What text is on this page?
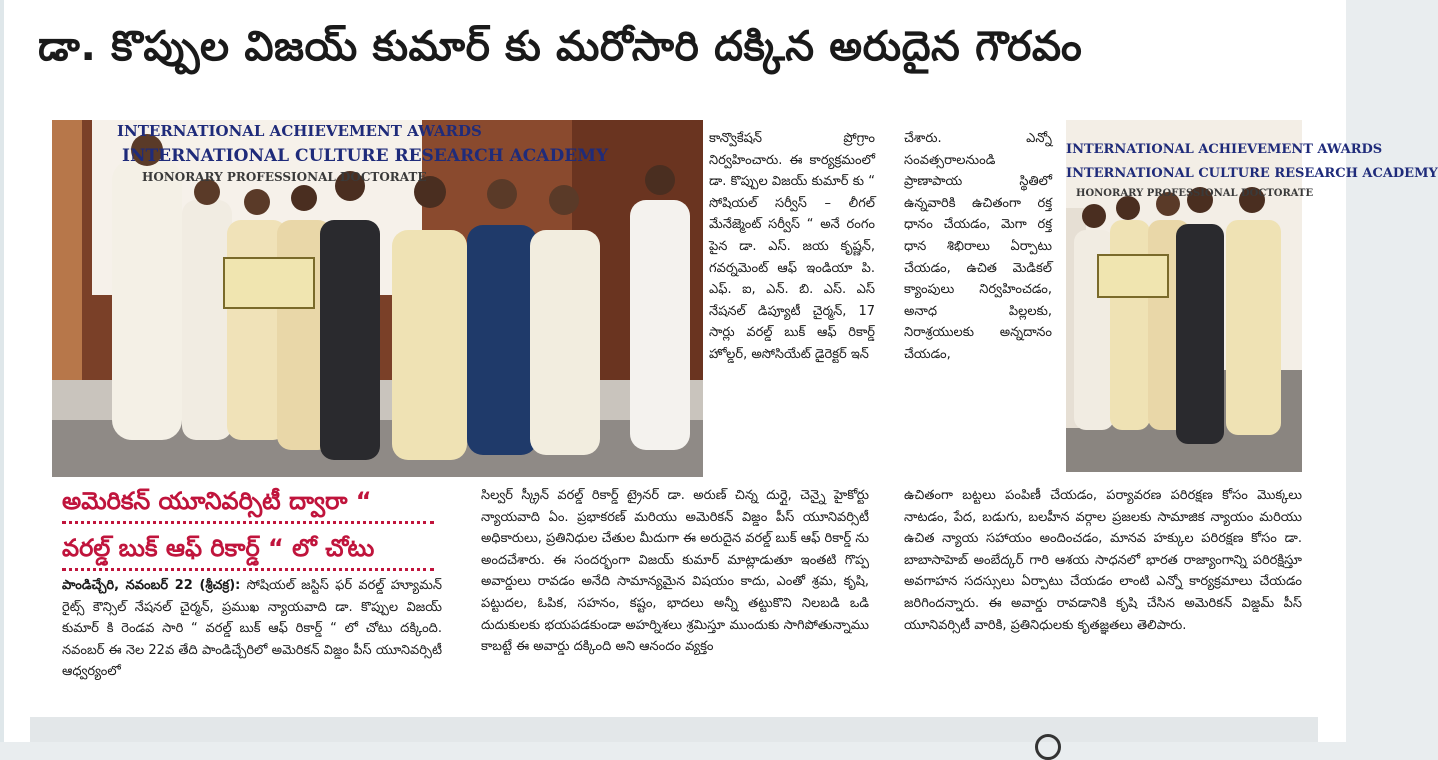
డా. కొప్పుల విజయ్ కుమార్ కు మరోసారి దక్కిన అరుదైన గౌరవం
INTERNATIONAL ACHIEVEMENT AWARDS
INTERNATIONAL CULTURE RESEARCH ACADEMY
HONORARY PROFESSIONAL DOCTORATE
కాన్వొకేషన్ ప్రోగ్రాం నిర్వహించారు. ఈ కార్యక్రమంలో డా. కొప్పుల విజయ్ కుమార్ కు “ సోషియల్ సర్వీస్ – లీగల్ మేనేజ్మెంట్ సర్వీస్ “ అనే రంగం పైన డా. ఎస్. జయ కృష్ణన్, గవర్నమెంట్ ఆఫ్ ఇండియా పి. ఎఫ్. ఐ, ఎన్. బి. ఎస్. ఎస్ నేషనల్ డిప్యూటీ చైర్మన్, 17 సార్లు వరల్డ్ బుక్ ఆఫ్ రికార్డ్ హోల్డర్, అసోసియేట్ డైరెక్టర్ ఇన్
చేశారు. ఎన్నో సంవత్సరాలనుండి ప్రాణాపాయ స్థితిలో ఉన్నవారికి ఉచితంగా రక్త ధానం చేయడం, మెగా రక్త ధాన శిభిరాలు ఏర్పాటు చేయడం, ఉచిత మెడికల్ క్యాంపులు నిర్వహించడం, అనాధ పిల్లలకు, నిరాశ్రయులకు అన్నదానం చేయడం,
INTERNATIONAL ACHIEVEMENT AWARDS
INTERNATIONAL CULTURE RESEARCH ACADEMY
HONORARY PROFESSIONAL DOCTORATE
అమెరికన్ యూనివర్సిటీ ద్వారా “
వరల్డ్ బుక్ ఆఫ్ రికార్డ్ “ లో చోటు
సిల్వర్ స్క్రీన్ వరల్డ్ రికార్డ్ ట్రైనర్ డా. అరుణ్ చిన్న దుర్గై, చెన్నై హైకోర్టు న్యాయవాది ఏం. ప్రభాకరణ్ మరియు అమెరికన్ విజ్డం పీస్ యూనివర్సిటీ అధికారులు, ప్రతినిధుల చేతుల మీదుగా ఈ అరుదైన వరల్డ్ బుక్ ఆఫ్ రికార్డ్ ను అందచేశారు. ఈ సందర్భంగా విజయ్ కుమార్ మాట్లాడుతూ ఇంతటి గొప్ప అవార్డులు రావడం అనేది సామాన్యమైన విషయం కాదు, ఎంతో శ్రమ, కృషి, పట్టుదల, ఓపిక, సహనం, కష్టం, భాదలు అన్నీ తట్టుకొని నిలబడి ఒడి దుదుకులకు భయపడకుండా అహర్నిశలు శ్రమిస్తూ ముందుకు సాగిపోతున్నాము కాబట్టే ఈ అవార్డు దక్కింది అని ఆనందం వ్యక్తం
ఉచితంగా బట్టలు పంపిణీ చేయడం, పర్యావరణ పరిరక్షణ కోసం మొక్కలు నాటడం, పేద, బడుగు, బలహీన వర్గాల ప్రజలకు సామాజిక న్యాయం మరియు ఉచిత న్యాయ సహాయం అందించడం, మానవ హక్కుల పరిరక్షణ కోసం డా. బాబాసాహెబ్ అంబేద్కర్ గారి ఆశయ సాధనలో భారత రాజ్యాంగాన్ని పరిరక్షిస్తూ అవగాహన సదస్సులు ఏర్పాటు చేయడం లాంటి ఎన్నో కార్యక్రమాలు చేయడం జరిగిందన్నారు. ఈ అవార్డు రావడానికి కృషి చేసిన అమెరికన్ విజ్డమ్ పీస్ యూనివర్సిటీ వారికి, ప్రతినిధులకు కృతజ్ఞతలు తెలిపారు.
పాండిచ్చేరి, నవంబర్ 22 (శ్రీచక్ర): సోషియల్ జస్టిస్ ఫర్ వరల్డ్ హ్యూమన్ రైట్స్ కౌన్సిల్ నేషనల్ చైర్మన్, ప్రముఖ న్యాయవాది డా. కొప్పుల విజయ్ కుమార్ కి రెండవ సారి “ వరల్డ్ బుక్ ఆఫ్ రికార్డ్ “ లో చోటు దక్కింది. నవంబర్ ఈ నెల 22వ తేది పాండిచ్చేరిలో అమెరికన్ విజ్డం పీస్ యూనివర్సిటీ ఆధ్వర్యంలో
